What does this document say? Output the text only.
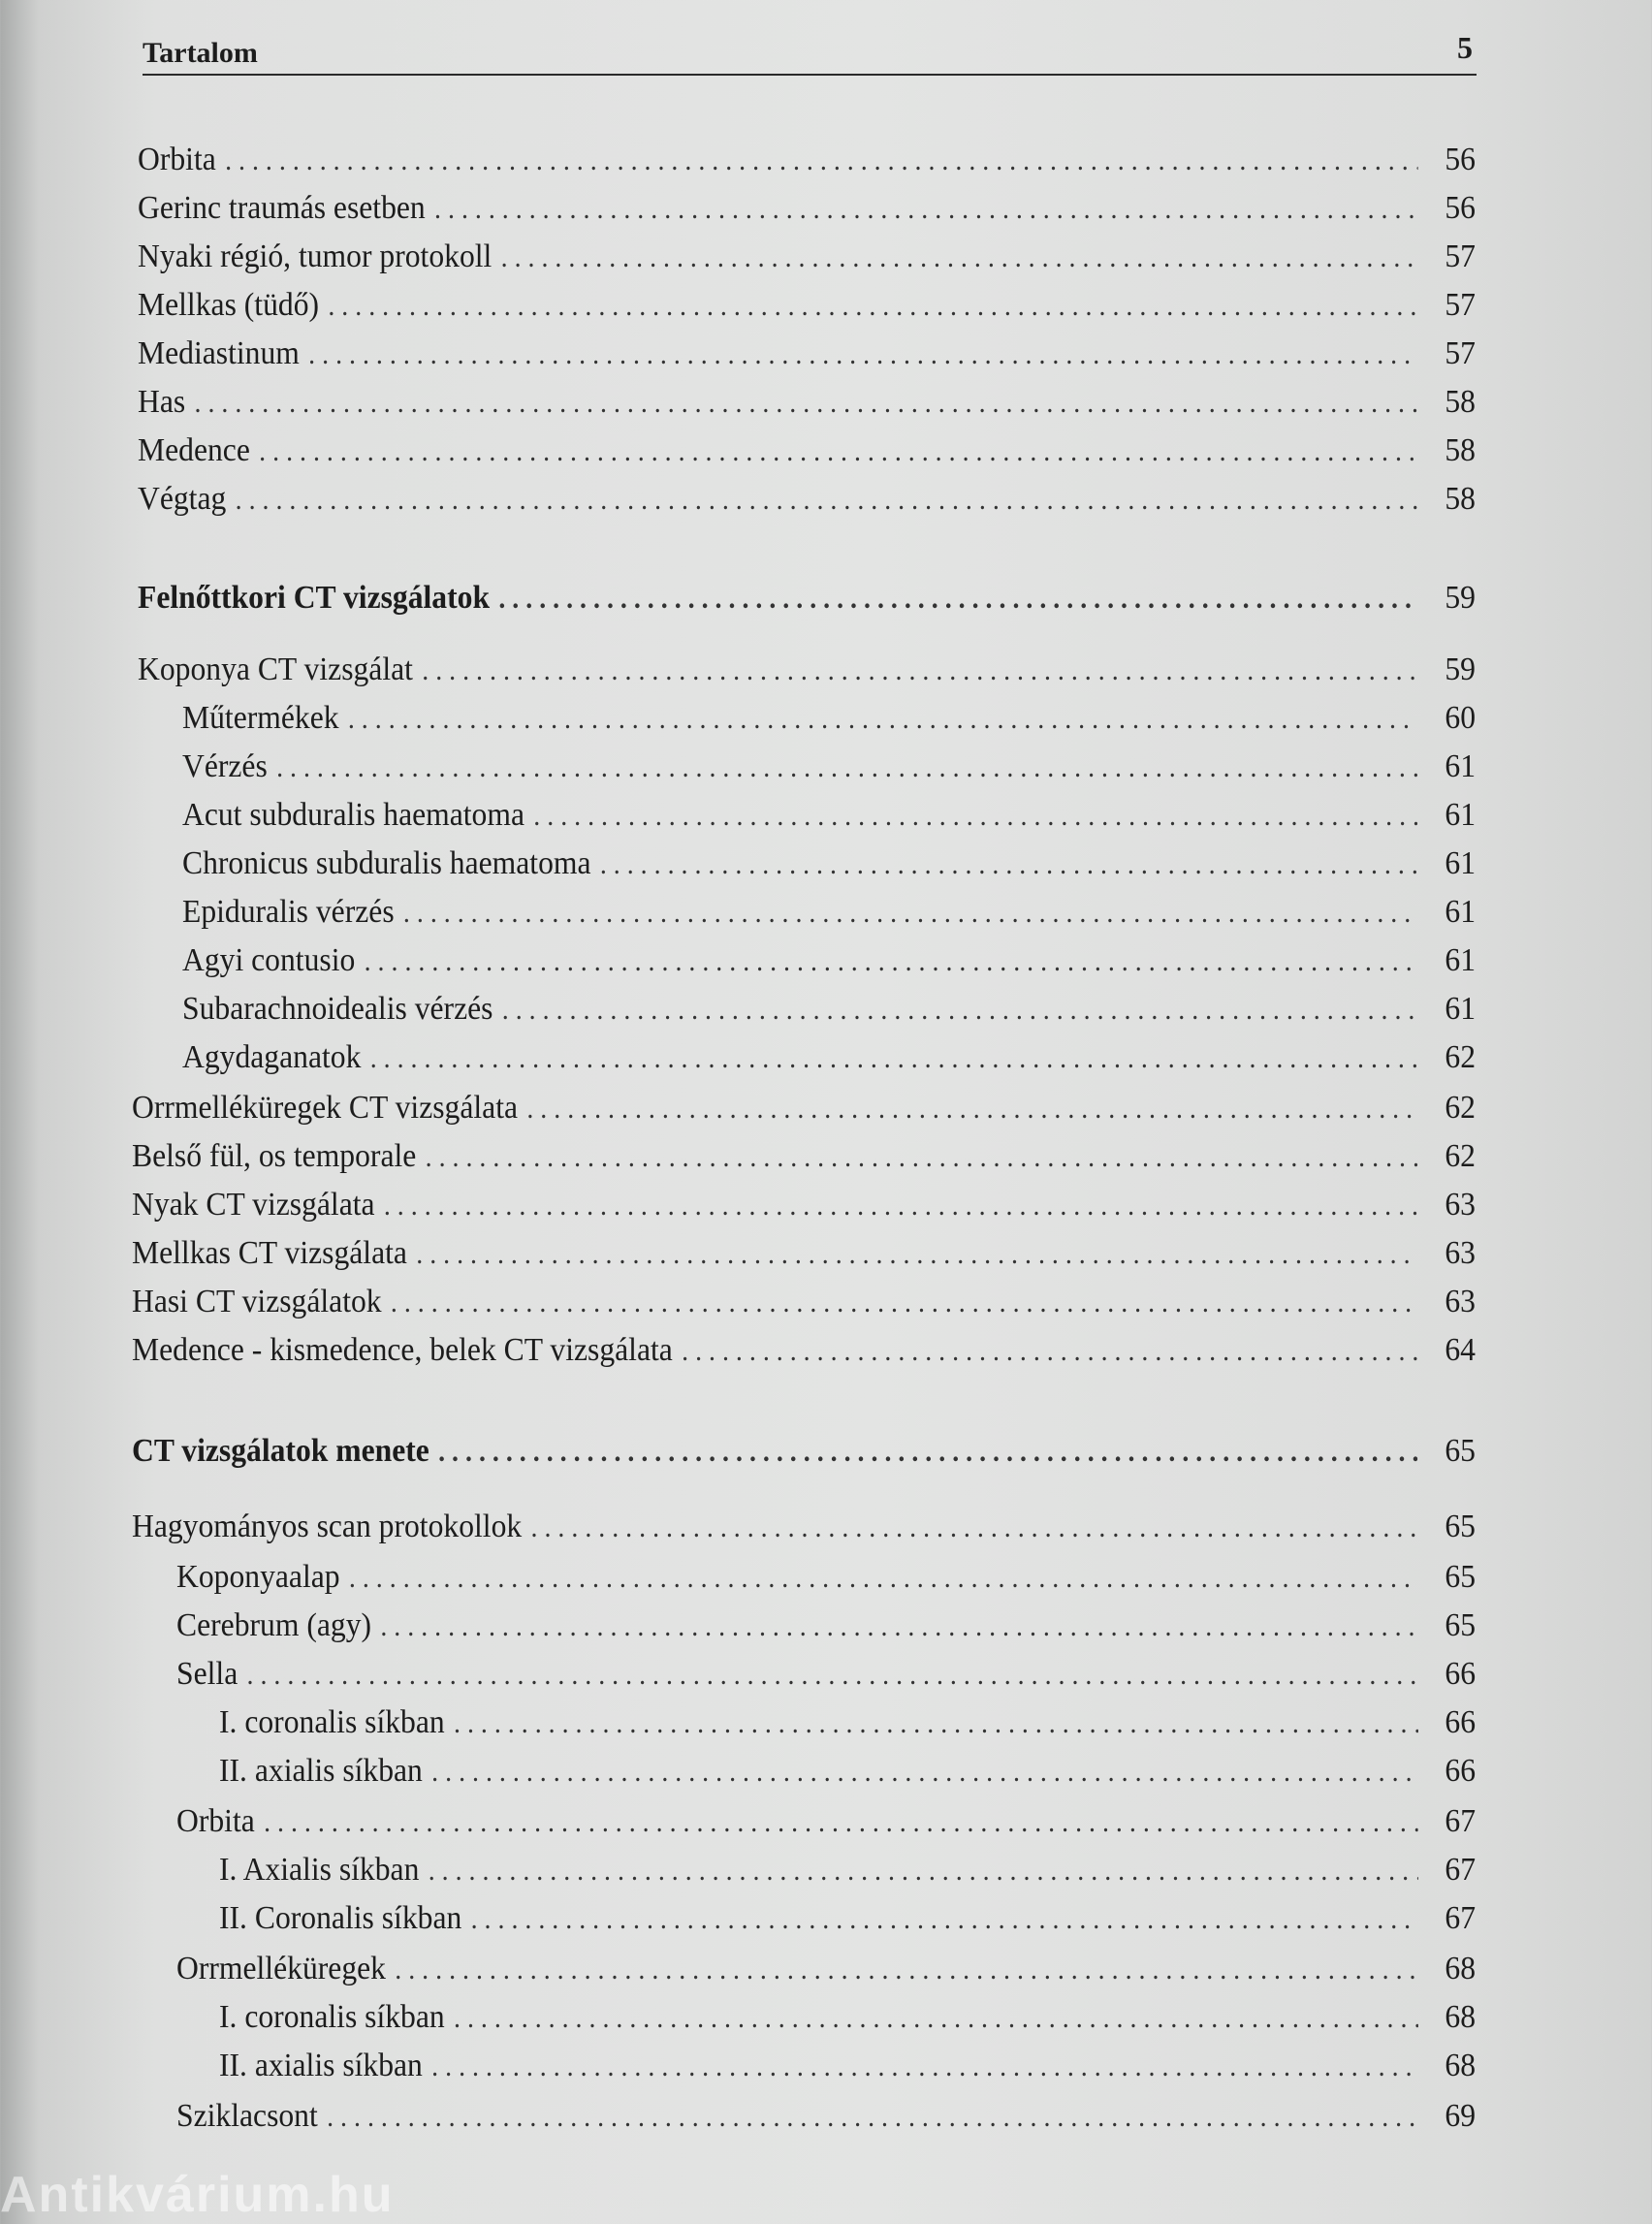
Tartalom	5
Orbita . . .	56
Gerinc traumás esetben . . .	56
Nyaki régió, tumor protokoll . . .	57
Mellkas (tüdő) . . .	57
Mediastinum . . .	57
Has . . .	58
Medence . . .	58
Végtag . . .	58
Felnőttkori CT vizsgálatok . . .	59
Koponya CT vizsgálat . . .	59
Műtermékek . . .	60
Vérzés . . .	61
Acut subduralis haematoma . . .	61
Chronicus subduralis haematoma . . .	61
Epiduralis vérzés . . .	61
Agyi contusio . . .	61
Subarachnoidealis vérzés . . .	61
Agydaganatok . . .	62
Orrmelléküregek CT vizsgálata . . .	62
Belső fül, os temporale . . .	62
Nyak CT vizsgálata . . .	63
Mellkas CT vizsgálata . . .	63
Hasi CT vizsgálatok . . .	63
Medence - kismedence, belek CT vizsgálata . . .	64
CT vizsgálatok menete . . .	65
Hagyományos scan protokollok . . .	65
Koponyaalap . . .	65
Cerebrum (agy) . . .	65
Sella . . .	66
I. coronalis síkban . . .	66
II. axialis síkban . . .	66
Orbita . . .	67
I. Axialis síkban . . .	67
II. Coronalis síkban . . .	67
Orrmelléküregek . . .	68
I. coronalis síkban . . .	68
II. axialis síkban . . .	68
Sziklacsont . . .	69
Antikvárium.hu
